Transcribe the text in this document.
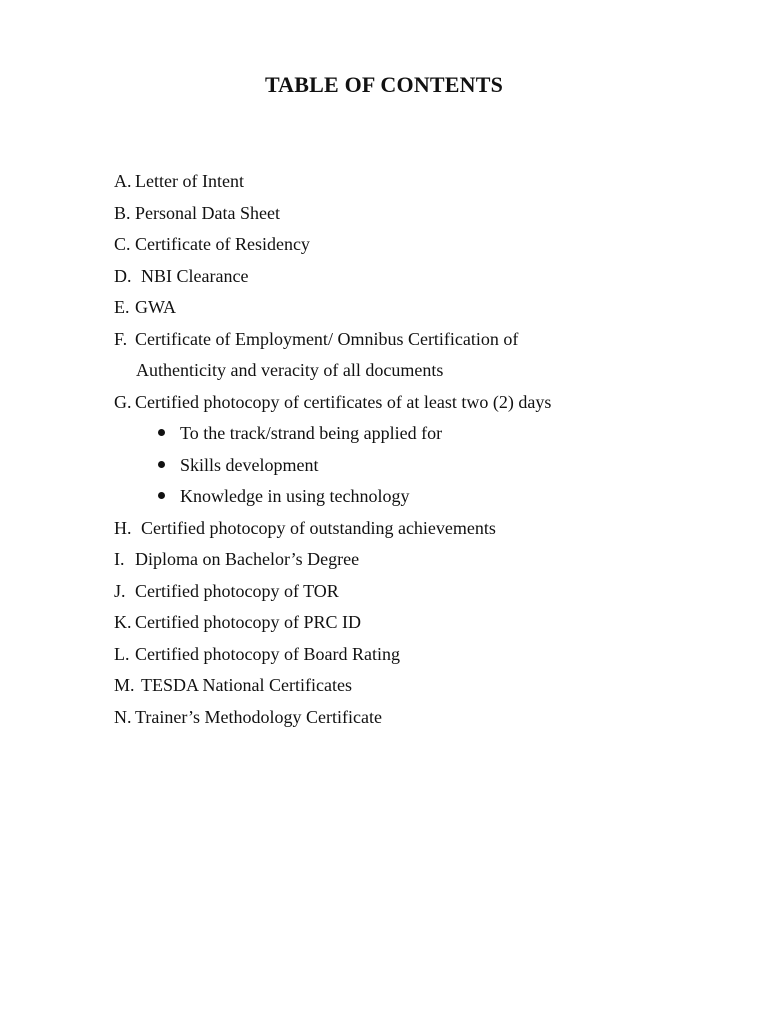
TABLE OF CONTENTS
A. Letter of Intent
B. Personal Data Sheet
C. Certificate of Residency
D. NBI Clearance
E. GWA
F. Certificate of Employment/ Omnibus Certification of
Authenticity and veracity of all documents
G. Certified photocopy of certificates of at least two (2) days
To the track/strand being applied for
Skills development
Knowledge in using technology
H. Certified photocopy of outstanding achievements
I. Diploma on Bachelor’s Degree
J. Certified photocopy of TOR
K. Certified photocopy of PRC ID
L. Certified photocopy of Board Rating
M. TESDA National Certificates
N. Trainer’s Methodology Certificate
